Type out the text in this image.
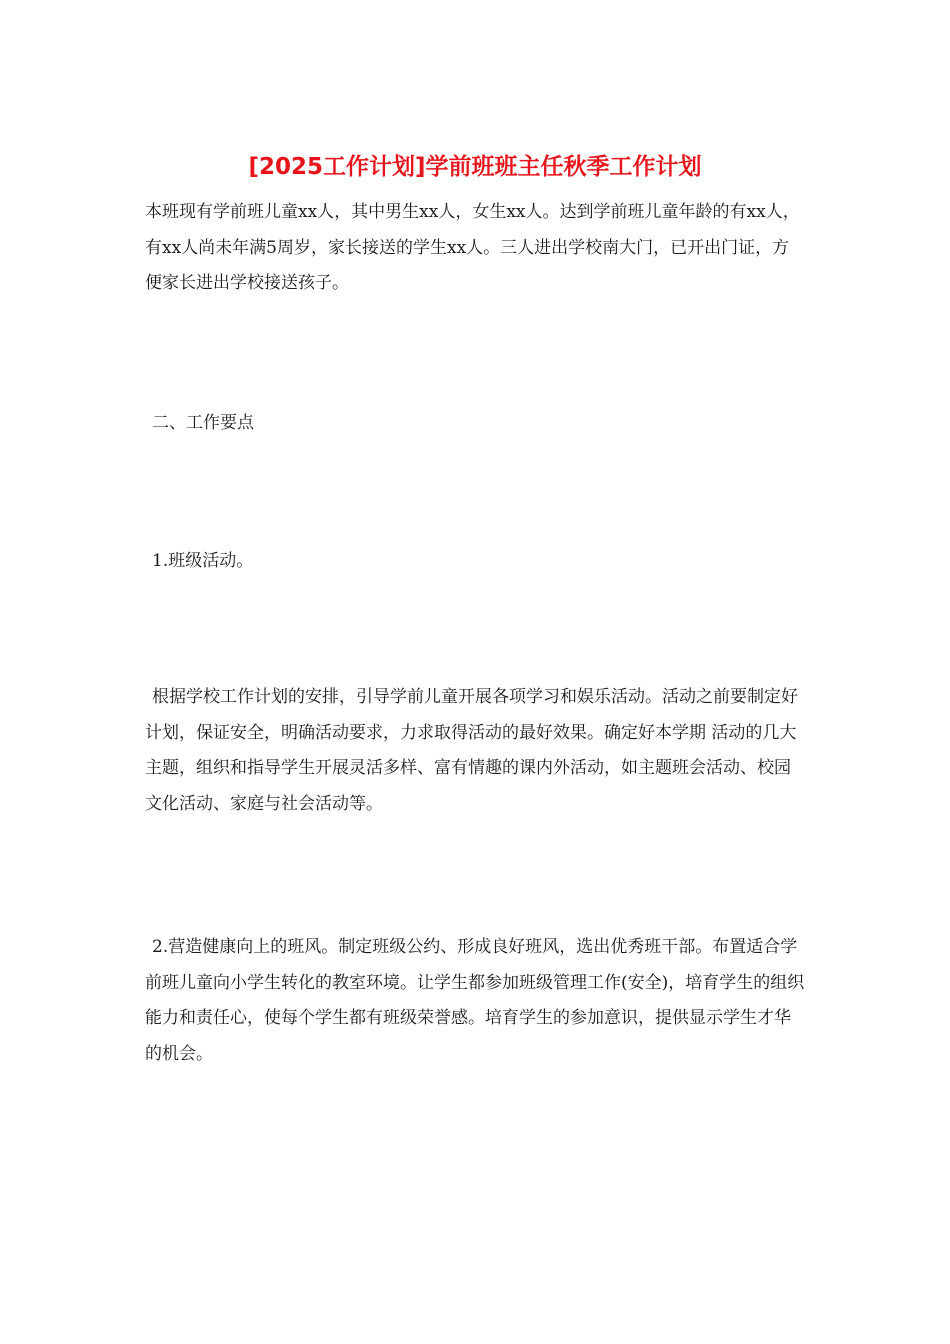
[2025工作计划]学前班班主任秋季工作计划

本班现有学前班儿童xx人，其中男生xx人，女生xx人。达到学前班儿童年龄的有xx人，有xx人尚未年满5周岁，家长接送的学生xx人。三人进出学校南大门，已开出门证，方便家长进出学校接送孩子。

二、工作要点

1.班级活动。

根据学校工作计划的安排，引导学前儿童开展各项学习和娱乐活动。活动之前要制定好计划，保证安全，明确活动要求，力求取得活动的最好效果。确定好本学期 活动的几大主题，组织和指导学生开展灵活多样、富有情趣的课内外活动，如主题班会活动、校园文化活动、家庭与社会活动等。

2.营造健康向上的班风。制定班级公约、形成良好班风，选出优秀班干部。布置适合学前班儿童向小学生转化的教室环境。让学生都参加班级管理工作(安全)，培育学生的组织能力和责任心，使每个学生都有班级荣誉感。培育学生的参加意识，提供显示学生才华的机会。
